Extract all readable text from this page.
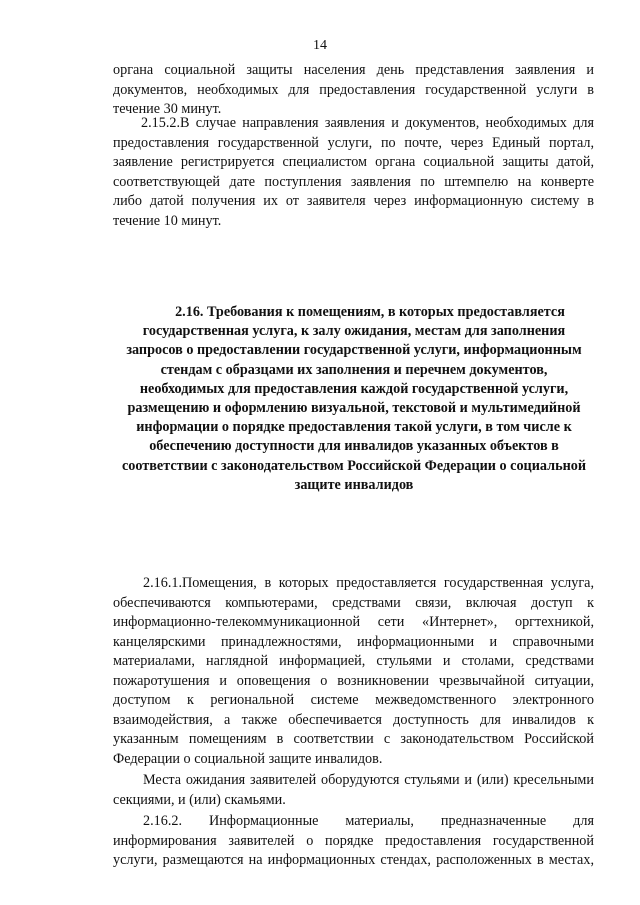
14
органа социальной защиты населения день представления заявления и
документов, необходимых для предоставления государственной услуги в
течение 30 минут.
2.15.2.В случае направления заявления и документов, необходимых для
предоставления государственной услуги, по почте, через Единый портал,
заявление регистрируется специалистом органа социальной защиты датой,
соответствующей дате поступления заявления по штемпелю на конверте
либо датой получения их от заявителя через информационную систему в
течение 10 минут.
2.16. Требования к помещениям, в которых предоставляется
государственная услуга, к залу ожидания, местам для заполнения
запросов о предоставлении государственной услуги, информационным
стендам с образцами их заполнения и перечнем документов,
необходимых для предоставления каждой государственной услуги,
размещению и оформлению визуальной, текстовой и мультимедийной
информации о порядке предоставления такой услуги, в том числе к
обеспечению доступности для инвалидов указанных объектов в
соответствии с законодательством Российской Федерации о социальной
защите инвалидов
2.16.1.Помещения, в которых предоставляется государственная услуга,
обеспечиваются компьютерами, средствами связи, включая доступ к
информационно-телекоммуникационной сети «Интернет», оргтехникой,
канцелярскими принадлежностями, информационными и справочными
материалами, наглядной информацией, стульями и столами, средствами
пожаротушения и оповещения о возникновении чрезвычайной ситуации,
доступом к региональной системе межведомственного электронного
взаимодействия, а также обеспечивается доступность для инвалидов к
указанным помещениям в соответствии с законодательством Российской
Федерации о социальной защите инвалидов.
Места ожидания заявителей оборудуются стульями и (или) кресельными
секциями, и (или) скамьями.
2.16.2. Информационные материалы, предназначенные для
информирования заявителей о порядке предоставления государственной
услуги, размещаются на информационных стендах, расположенных в местах,
